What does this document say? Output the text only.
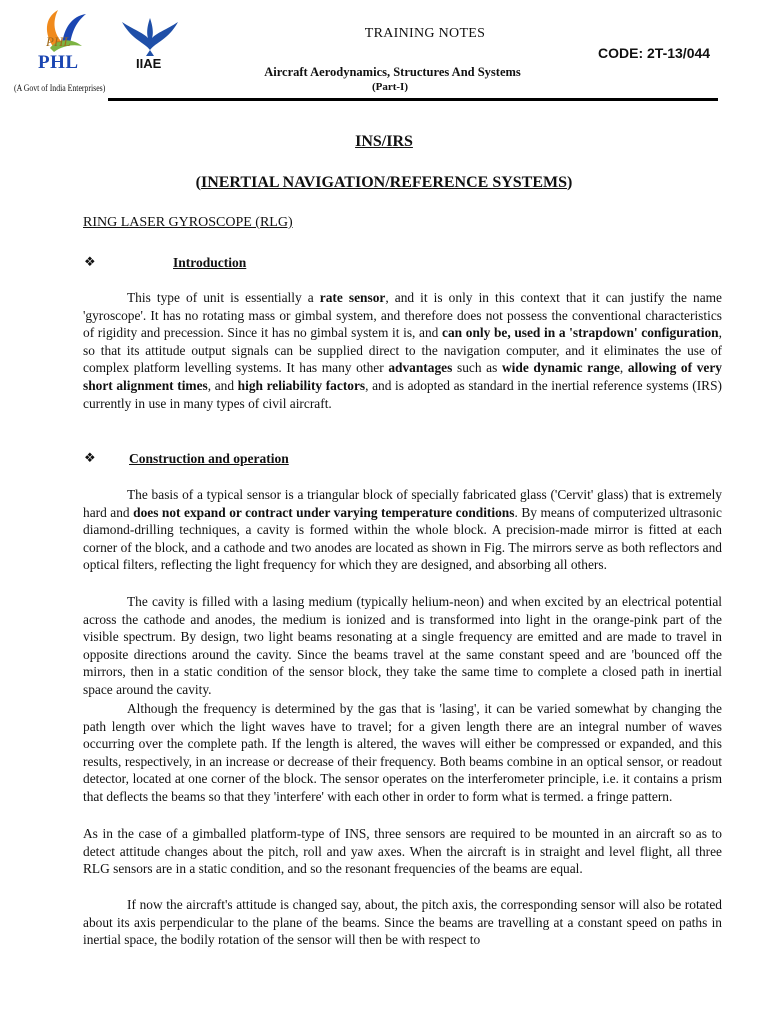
PHL
PHL
(A Govt of India Enterprises)
IIAE
TRAINING NOTES
Aircraft Aerodynamics, Structures And Systems
(Part-I)
CODE: 2T-13/044
INS/IRS
(INERTIAL NAVIGATION/REFERENCE SYSTEMS)
RING LASER GYROSCOPE (RLG)
❖	Introduction

This type of unit is essentially a rate sensor, and it is only in this context that it can justify the name 'gyroscope'. It has no rotating mass or gimbal system, and therefore does not possess the conventional characteristics of rigidity and precession. Since it has no gimbal system it is, and can only be, used in a 'strapdown' configuration, so that its attitude output signals can be supplied direct to the navigation computer, and it eliminates the use of complex platform levelling systems. It has many other advantages such as wide dynamic range, allowing of very short alignment times, and high reliability factors, and is adopted as standard in the inertial reference systems (IRS) currently in use in many types of civil aircraft.

❖ Construction and operation

The basis of a typical sensor is a triangular block of specially fabricated glass ('Cervit' glass) that is extremely hard and does not expand or contract under varying temperature conditions. By means of computerized ultrasonic diamond-drilling techniques, a cavity is formed within the whole block. A precision-made mirror is fitted at each corner of the block, and a cathode and two anodes are located as shown in Fig. The mirrors serve as both reflectors and optical filters, reflecting the light frequency for which they are designed, and absorbing all others.

The cavity is filled with a lasing medium (typically helium-neon) and when excited by an electrical potential across the cathode and anodes, the medium is ionized and is transformed into light in the orange-pink part of the visible spectrum. By design, two light beams resonating at a single frequency are emitted and are made to travel in opposite directions around the cavity. Since the beams travel at the same constant speed and are 'bounced off the mirrors, then in a static condition of the sensor block, they take the same time to complete a closed path in inertial space around the cavity.

Although the frequency is determined by the gas that is 'lasing', it can be varied somewhat by changing the path length over which the light waves have to travel; for a given length there are an integral number of waves occurring over the complete path. If the length is altered, the waves will either be compressed or expanded, and this results, respectively, in an increase or decrease of their frequency. Both beams combine in an optical sensor, or readout detector, located at one corner of the block. The sensor operates on the interferometer principle, i.e. it contains a prism that deflects the beams so that they 'interfere' with each other in order to form what is termed. a fringe pattern.

As in the case of a gimballed platform-type of INS, three sensors are required to be mounted in an aircraft so as to detect attitude changes about the pitch, roll and yaw axes. When the aircraft is in straight and level flight, all three RLG sensors are in a static condition, and so the resonant frequencies of the beams are equal.

If now the aircraft's attitude is changed say, about, the pitch axis, the corresponding sensor will also be rotated about its axis perpendicular to the plane of the beams. Since the beams are travelling at a constant speed on paths in inertial space, the bodily rotation of the sensor will then be with respect to
